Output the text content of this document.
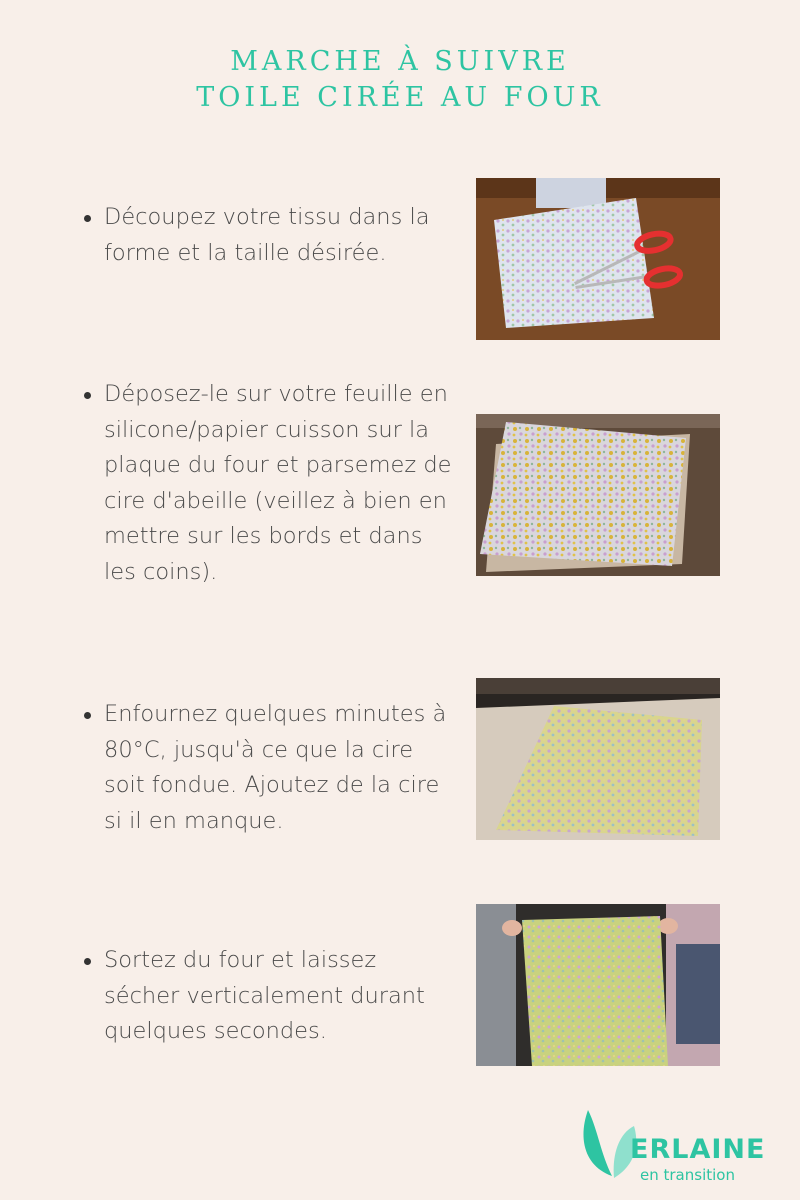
MARCHE À SUIVRE
TOILE CIRÉE AU FOUR
Découpez votre tissu dans la forme et la taille désirée.
Déposez-le sur votre feuille en silicone/papier cuisson sur la plaque du four et parsemez de cire d'abeille (veillez à bien en mettre sur les bords et dans les coins).
Enfournez quelques minutes à 80°C, jusqu'à ce que la cire soit fondue. Ajoutez de la cire si il en manque.
Sortez du four et laissez sécher verticalement durant quelques secondes.
ERLAINE
en transition
